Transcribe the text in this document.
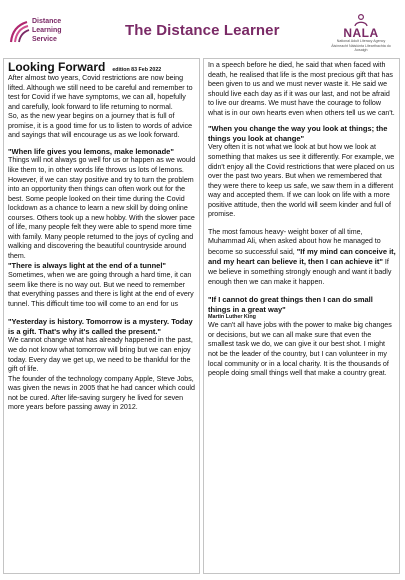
Distance
Learning
Service
The Distance Learner	NALA
National Adult Literacy Agency
Áisíneacht Náisiúnta Litearthachta do Aosaigh
Looking Forward edition 83 Feb 2022

After almost two years, Covid restrictions are now being lifted. Although we still need to be careful and remember to test for Covid if we have symptoms, we can all, hopefully and carefully, look forward to life returning to normal.

So, as the new year begins on a journey that is full of promise, it is a good time for us to listen to words of advice and sayings that will encourage us as we look forward.

"When life gives you lemons, make lemonade"

Things will not always go well for us or happen as we would like them to, in other words life throws us lots of lemons. However, if we can stay positive and try to turn the problem into an opportunity then things can often work out for the best. Some people looked on their time during the Covid lockdown as a chance to learn a new skill by doing online courses. Others took up a new hobby. With the slower pace of life, many people felt they were able to spend more time with family. Many people returned to the joys of cycling and walking and discovering the beautiful countryside around them.

"There is always light at the end of a tunnel"

Sometimes, when we are going through a hard time, it can seem like there is no way out. But we need to remember that everything passes and there is light at the end of every tunnel. This difficult time too will come to an end for us

"Yesterday is history. Tomorrow is a mystery. Today is a gift. That's why it's called the present."

We cannot change what has already happened in the past, we do not know what tomorrow will bring but we can enjoy today. Every day we get up, we need to be thankful for the gift of life.

The founder of the technology company Apple, Steve Jobs, was given the news in 2005 that he had cancer which could not be cured. After life-saving surgery he lived for seven more years before passing away in 2012.

In a speech before he died, he said that when faced with death, he realised that life is the most precious gift that has been given to us and we must never waste it. He said we should live each day as if it was our last, and not be afraid to live our dreams. We must have the courage to follow what is in our own hearts even when others tell us we can't.

"When you change the way you look at things; the things you look at change"

Very often it is not what we look at but how we look at something that makes us see it differently. For example, we didn't enjoy all the Covid restrictions that were placed on us over the past two years. But when we remembered that they were there to keep us safe, we saw them in a different way and accepted them. If we can look on life with a more positive attitude, then the world will seem kinder and full of promise.

The most famous heavy- weight boxer of all time, Muhammad Ali, when asked about how he managed to become so successful said, "If my mind can conceive it, and my heart can believe it, then I can achieve it" If we believe in something strongly enough and want it badly enough then we can make it happen.

"If I cannot do great things then I can do small things in a great way"
Martin Luther King

We can't all have jobs with the power to make big changes or decisions, but we can all make sure that even the smallest task we do, we can give it our best shot. I might not be the leader of the country, but I can volunteer in my local community or in a local charity. It is the thousands of people doing small things well that make a country great.
